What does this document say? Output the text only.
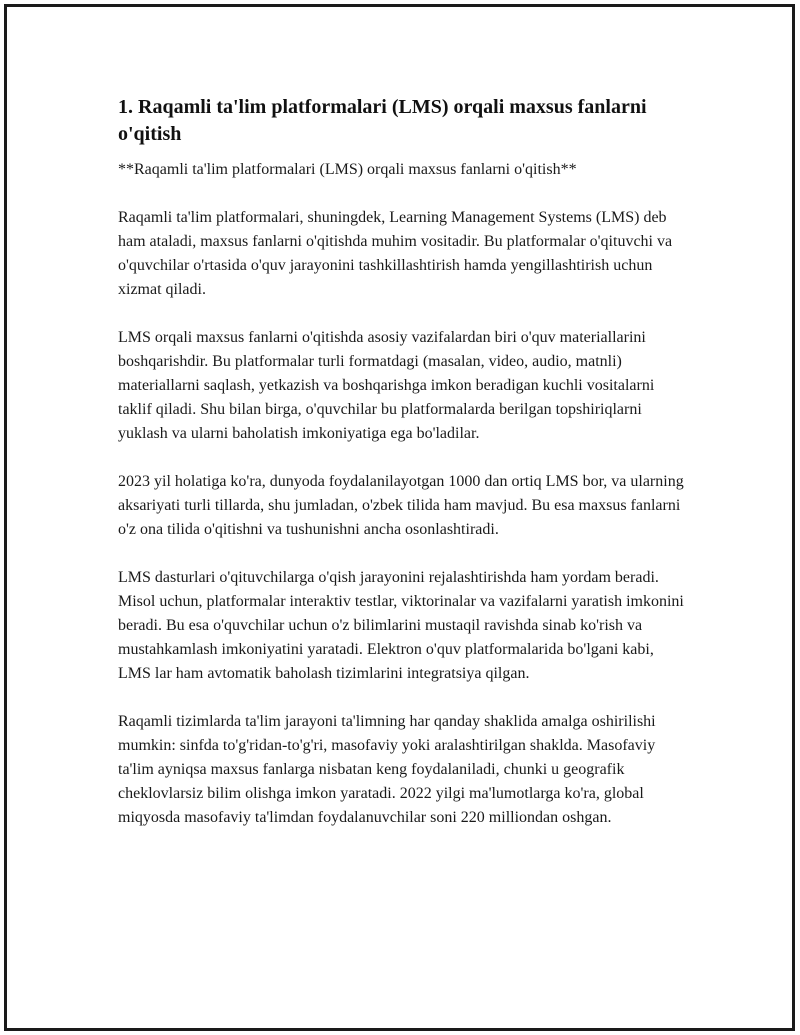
1. Raqamli ta'lim platformalari (LMS) orqali maxsus fanlarni o'qitish

**Raqamli ta'lim platformalari (LMS) orqali maxsus fanlarni o'qitish**

Raqamli ta'lim platformalari, shuningdek, Learning Management Systems (LMS) deb ham ataladi, maxsus fanlarni o'qitishda muhim vositadir. Bu platformalar o'qituvchi va o'quvchilar o'rtasida o'quv jarayonini tashkillashtirish hamda yengillashtirish uchun xizmat qiladi.

LMS orqali maxsus fanlarni o'qitishda asosiy vazifalardan biri o'quv materiallarini boshqarishdir. Bu platformalar turli formatdagi (masalan, video, audio, matnli) materiallarni saqlash, yetkazish va boshqarishga imkon beradigan kuchli vositalarni taklif qiladi. Shu bilan birga, o'quvchilar bu platformalarda berilgan topshiriqlarni yuklash va ularni baholatish imkoniyatiga ega bo'ladilar.

2023 yil holatiga ko'ra, dunyoda foydalanilayotgan 1000 dan ortiq LMS bor, va ularning aksariyati turli tillarda, shu jumladan, o'zbek tilida ham mavjud. Bu esa maxsus fanlarni o'z ona tilida o'qitishni va tushunishni ancha osonlashtiradi.

LMS dasturlari o'qituvchilarga o'qish jarayonini rejalashtirishda ham yordam beradi. Misol uchun, platformalar interaktiv testlar, viktorinalar va vazifalarni yaratish imkonini beradi. Bu esa o'quvchilar uchun o'z bilimlarini mustaqil ravishda sinab ko'rish va mustahkamlash imkoniyatini yaratadi. Elektron o'quv platformalarida bo'lgani kabi, LMS lar ham avtomatik baholash tizimlarini integratsiya qilgan.

Raqamli tizimlarda ta'lim jarayoni ta'limning har qanday shaklida amalga oshirilishi mumkin: sinfda to'g'ridan-to'g'ri, masofaviy yoki aralashtirilgan shaklda. Masofaviy ta'lim ayniqsa maxsus fanlarga nisbatan keng foydalaniladi, chunki u geografik cheklovlarsiz bilim olishga imkon yaratadi. 2022 yilgi ma'lumotlarga ko'ra, global miqyosda masofaviy ta'limdan foydalanuvchilar soni 220 milliondan oshgan.
